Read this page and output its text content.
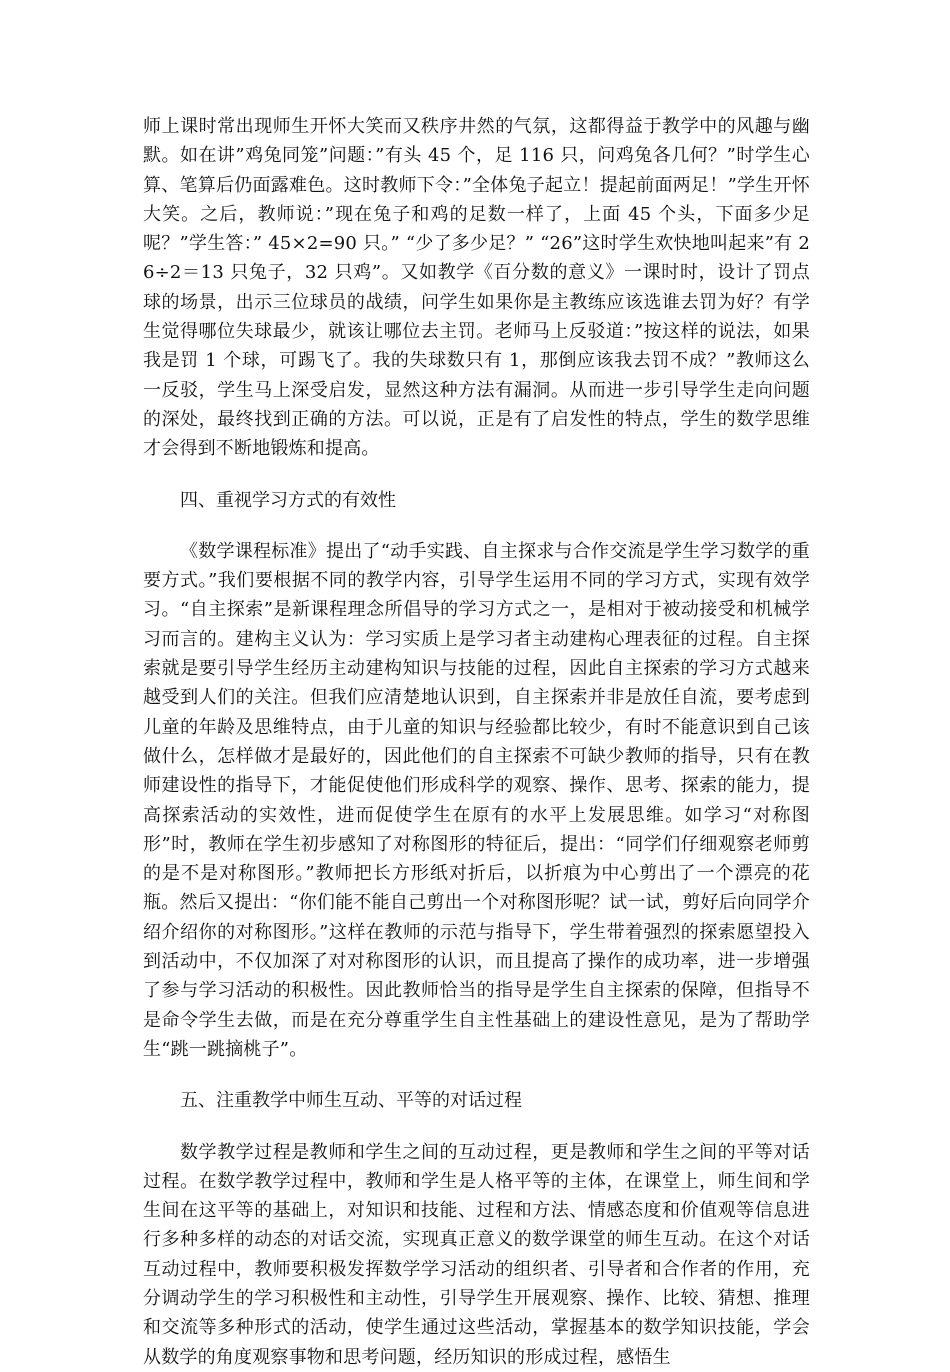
师上课时常出现师生开怀大笑而又秩序井然的气氛，这都得益于教学中的风趣与幽默。如在讲”鸡兔同笼”问题：”有头 45 个，足 116 只，问鸡兔各几何？”时学生心算、笔算后仍面露难色。这时教师下令：”全体兔子起立！提起前面两足！”学生开怀大笑。之后，教师说：”现在兔子和鸡的足数一样了，上面 45 个头，下面多少足呢？”学生答：” 45×2=90 只。” “少了多少足？” “26”这时学生欢快地叫起来”有 26÷2＝13 只兔子，32 只鸡”。又如教学《百分数的意义》一课时时，设计了罚点球的场景，出示三位球员的战绩，问学生如果你是主教练应该选谁去罚为好？有学生觉得哪位失球最少，就该让哪位去主罚。老师马上反驳道：”按这样的说法，如果我是罚 1 个球，可踢飞了。我的失球数只有 1，那倒应该我去罚不成？”教师这么一反驳，学生马上深受启发，显然这种方法有漏洞。从而进一步引导学生走向问题的深处，最终找到正确的方法。可以说，正是有了启发性的特点，学生的数学思维才会得到不断地锻炼和提高。

四、重视学习方式的有效性

《数学课程标准》提出了“动手实践、自主探求与合作交流是学生学习数学的重要方式。”我们要根据不同的教学内容，引导学生运用不同的学习方式，实现有效学习。“自主探索”是新课程理念所倡导的学习方式之一，是相对于被动接受和机械学习而言的。建构主义认为：学习实质上是学习者主动建构心理表征的过程。自主探索就是要引导学生经历主动建构知识与技能的过程，因此自主探索的学习方式越来越受到人们的关注。但我们应清楚地认识到，自主探索并非是放任自流，要考虑到儿童的年龄及思维特点，由于儿童的知识与经验都比较少，有时不能意识到自己该做什么，怎样做才是最好的，因此他们的自主探索不可缺少教师的指导，只有在教师建设性的指导下，才能促使他们形成科学的观察、操作、思考、探索的能力，提高探索活动的实效性，进而促使学生在原有的水平上发展思维。如学习“对称图形”时，教师在学生初步感知了对称图形的特征后，提出：“同学们仔细观察老师剪的是不是对称图形。”教师把长方形纸对折后，以折痕为中心剪出了一个漂亮的花瓶。然后又提出：“你们能不能自己剪出一个对称图形呢？试一试，剪好后向同学介绍介绍你的对称图形。”这样在教师的示范与指导下，学生带着强烈的探索愿望投入到活动中，不仅加深了对对称图形的认识，而且提高了操作的成功率，进一步增强了参与学习活动的积极性。因此教师恰当的指导是学生自主探索的保障，但指导不是命令学生去做，而是在充分尊重学生自主性基础上的建设性意见，是为了帮助学生“跳一跳摘桃子”。

五、注重教学中师生互动、平等的对话过程

数学教学过程是教师和学生之间的互动过程，更是教师和学生之间的平等对话过程。在数学教学过程中，教师和学生是人格平等的主体，在课堂上，师生间和学生间在这平等的基础上，对知识和技能、过程和方法、情感态度和价值观等信息进行多种多样的动态的对话交流，实现真正意义的数学课堂的师生互动。在这个对话互动过程中，教师要积极发挥数学学习活动的组织者、引导者和合作者的作用，充分调动学生的学习积极性和主动性，引导学生开展观察、操作、比较、猜想、推理和交流等多种形式的活动，使学生通过这些活动，掌握基本的数学知识技能，学会从数学的角度观察事物和思考问题，经历知识的形成过程，感悟生
